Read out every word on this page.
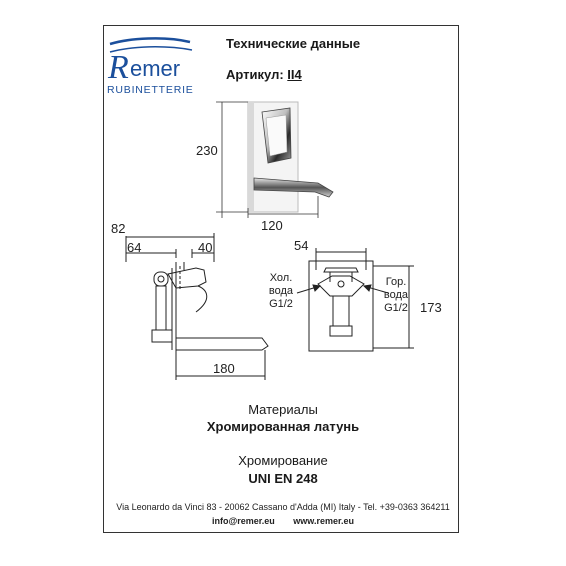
R emer
RUBINETTERIE
Технические данные
Артикул: II4
230
120
82
64	40
180
54
173
Хол.
вода
G1/2
Гор.
вода
G1/2
Материалы
Хромированная латунь
Хромирование
UNI EN 248
Via Leonardo da Vinci 83 - 20062 Cassano d'Adda (MI) Italy - Tel. +39-0363 364211
info@remer.eu www.remer.eu
